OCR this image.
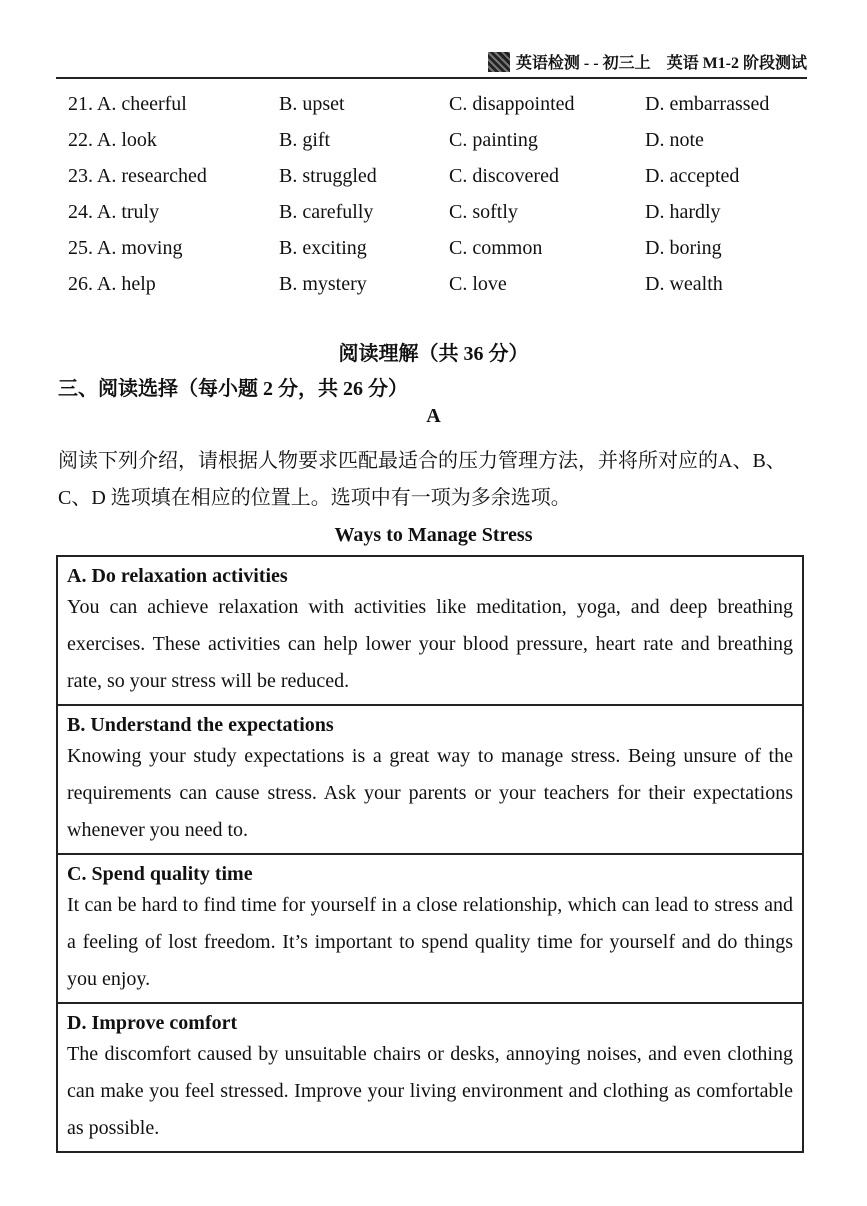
英语检测 - - 初三上　英语 M1-2 阶段测试
21. A. cheerful	B. upset	C. disappointed	D. embarrassed
22. A. look	B. gift	C. painting	D. note
23. A. researched	B. struggled	C. discovered	D. accepted
24. A. truly	B. carefully	C. softly	D. hardly
25. A. moving	B. exciting	C. common	D. boring
26. A. help	B. mystery	C. love	D. wealth
阅读理解（共 36 分）
三、阅读选择（每小题 2 分，共 26 分）
A

阅读下列介绍，请根据人物要求匹配最适合的压力管理方法，并将所对应的A、B、C、D 选项填在相应的位置上。选项中有一项为多余选项。

Ways to Manage Stress
A. Do relaxation activities

You can achieve relaxation with activities like meditation, yoga, and deep breathing exercises. These activities can help lower your blood pressure, heart rate and breathing rate, so your stress will be reduced.

B. Understand the expectations

Knowing your study expectations is a great way to manage stress. Being unsure of the requirements can cause stress. Ask your parents or your teachers for their expectations whenever you need to.

C. Spend quality time

It can be hard to find time for yourself in a close relationship, which can lead to stress and a feeling of lost freedom. It’s important to spend quality time for yourself and do things you enjoy.

D. Improve comfort

The discomfort caused by unsuitable chairs or desks, annoying noises, and even clothing can make you feel stressed. Improve your living environment and clothing as comfortable as possible.
